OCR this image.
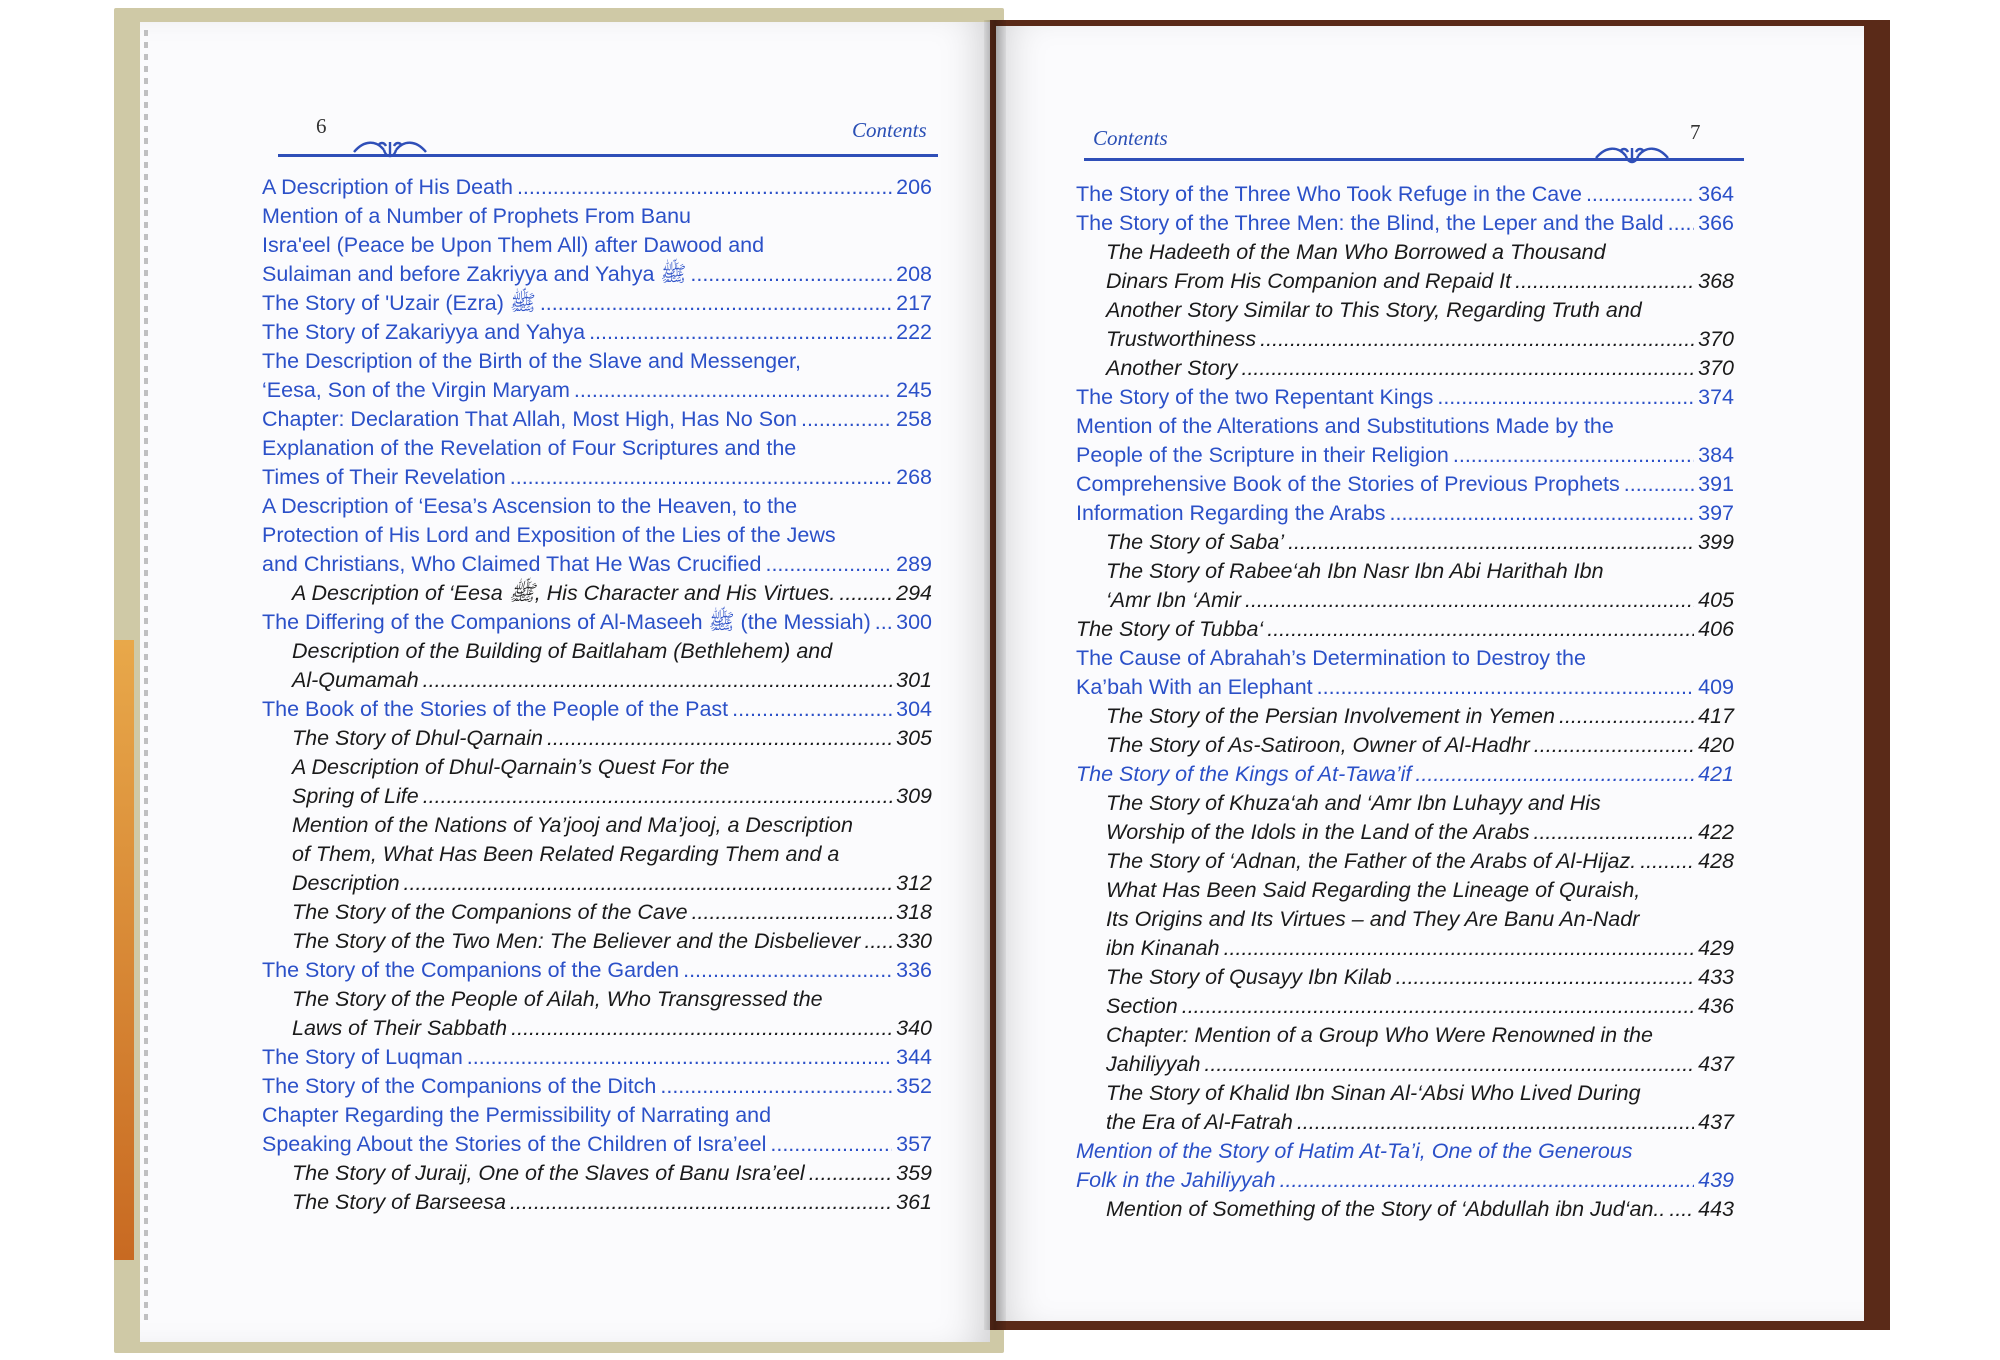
6	Contents	Contents	7
A Description of His Death .....	206
Mention of a Number of Prophets From Banu
Isra'eel (Peace be Upon Them All) after Dawood and
Sulaiman and before Zakriyya and Yahya ﷺ .....	208
The Story of 'Uzair (Ezra) ﷺ .....	217
The Story of Zakariyya and Yahya .....	222
The Description of the Birth of the Slave and Messenger,
‘Eesa, Son of the Virgin Maryam .....	245
Chapter: Declaration That Allah, Most High, Has No Son .....	258
Explanation of the Revelation of Four Scriptures and the
Times of Their Revelation .....	268
A Description of ‘Eesa’s Ascension to the Heaven, to the
Protection of His Lord and Exposition of the Lies of the Jews
and Christians, Who Claimed That He Was Crucified .....	289
A Description of ‘Eesa ﷺ, His Character and His Virtues. .....	294
The Differing of the Companions of Al-Maseeh ﷺ (the Messiah) ..... 300
Description of the Building of Baitlaham (Bethlehem) and
Al-Qumamah .....	301
The Book of the Stories of the People of the Past .....	304
The Story of Dhul-Qarnain .....	305
A Description of Dhul-Qarnain’s Quest For the
Spring of Life .....	309
Mention of the Nations of Ya’jooj and Ma’jooj, a Description
of Them, What Has Been Related Regarding Them and a
Description .....	312
The Story of the Companions of the Cave .....	318
The Story of the Two Men: The Believer and the Disbeliever ..... 330
The Story of the Companions of the Garden .....	336
The Story of the People of Ailah, Who Transgressed the
Laws of Their Sabbath .....	340
The Story of Luqman .....	344
The Story of the Companions of the Ditch .....	352
Chapter Regarding the Permissibility of Narrating and
Speaking About the Stories of the Children of Isra’eel .....	357
The Story of Juraij, One of the Slaves of Banu Isra’eel .....	359
The Story of Barseesa .....	361
The Story of the Three Who Took Refuge in the Cave .....	364
The Story of the Three Men: the Blind, the Leper and the Bald ..... 366
The Hadeeth of the Man Who Borrowed a Thousand
Dinars From His Companion and Repaid It .....	368
Another Story Similar to This Story, Regarding Truth and
Trustworthiness .....	370
Another Story .....	370
The Story of the two Repentant Kings .....	374
Mention of the Alterations and Substitutions Made by the
People of the Scripture in their Religion .....	384
Comprehensive Book of the Stories of Previous Prophets .....	391
Information Regarding the Arabs .....	397
The Story of Saba’ .....	399
The Story of Rabee‘ah Ibn Nasr Ibn Abi Harithah Ibn
‘Amr Ibn ‘Amir .....	405
The Story of Tubba‘ .....	406
The Cause of Abrahah’s Determination to Destroy the
Ka’bah With an Elephant .....	409
The Story of the Persian Involvement in Yemen .....	417
The Story of As-Satiroon, Owner of Al-Hadhr .....	420
The Story of the Kings of At-Tawa’if .....	421
The Story of Khuza‘ah and ‘Amr Ibn Luhayy and His
Worship of the Idols in the Land of the Arabs .....	422
The Story of ‘Adnan, the Father of the Arabs of Al-Hijaz. .....	428
What Has Been Said Regarding the Lineage of Quraish,
Its Origins and Its Virtues – and They Are Banu An-Nadr
ibn Kinanah .....	429
The Story of Qusayy Ibn Kilab .....	433
Section .....	436
Chapter: Mention of a Group Who Were Renowned in the
Jahiliyyah .....	437
The Story of Khalid Ibn Sinan Al-‘Absi Who Lived During
the Era of Al-Fatrah .....	437
Mention of the Story of Hatim At-Ta’i, One of the Generous
Folk in the Jahiliyyah .....	439
Mention of Something of the Story of ‘Abdullah ibn Jud‘an.. ..... 443
